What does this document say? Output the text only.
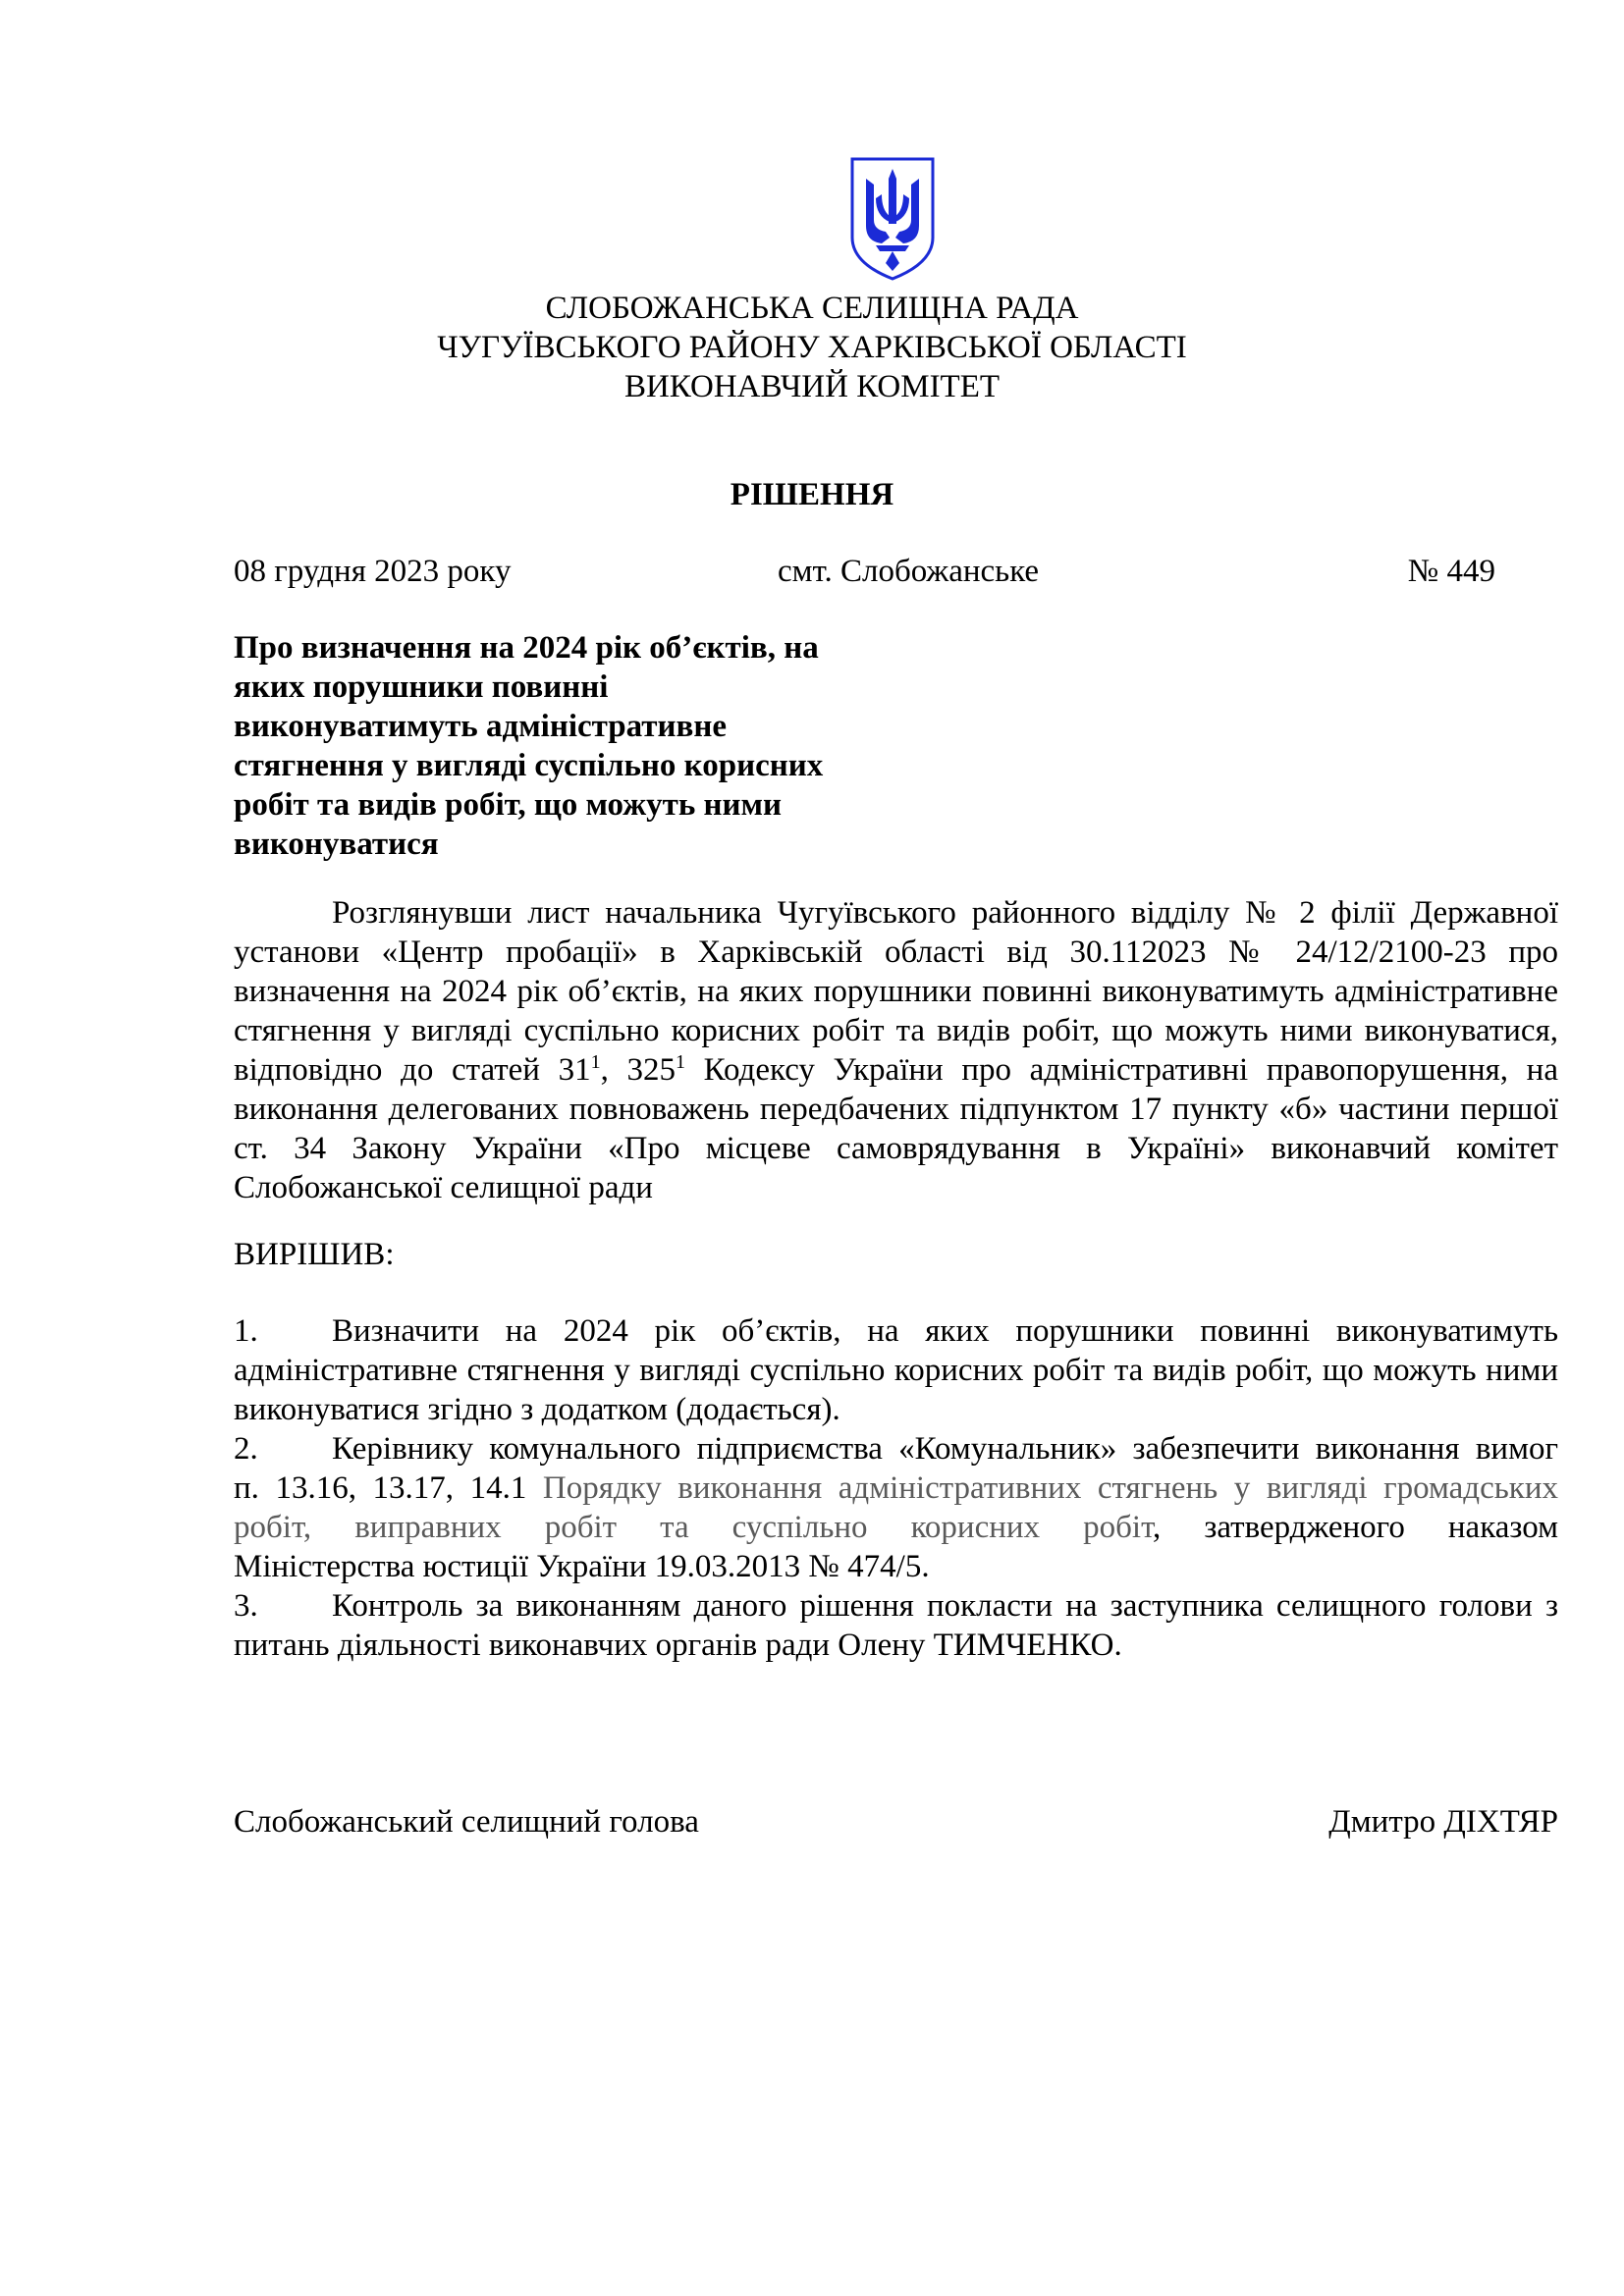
СЛОБОЖАНСЬКА СЕЛИЩНА РАДА
ЧУГУЇВСЬКОГО РАЙОНУ ХАРКІВСЬКОЇ ОБЛАСТІ
ВИКОНАВЧИЙ КОМІТЕТ
РІШЕННЯ
08 грудня 2023 року	смт. Слобожанське	№ 449
Про визначення на 2024 рік об’єктів, на
яких порушники повинні
виконуватимуть адміністративне
стягнення у вигляді суспільно корисних
робіт та видів робіт, що можуть ними
виконуватися
Розглянувши лист начальника Чугуївського районного відділу № 2 філії Державної
установи «Центр пробації» в Харківській області від 30.112023 № 24/12/2100-23 про
визначення на 2024 рік об’єктів, на яких порушники повинні виконуватимуть адміністративне
стягнення у вигляді суспільно корисних робіт та видів робіт, що можуть ними виконуватися,
відповідно до статей $31^1$, $325^1$ Кодексу України про адміністративні правопорушення, на
виконання делегованих повноважень передбачених підпунктом 17 пункту «б» частини першої
ст. 34 Закону України «Про місцеве самоврядування в Україні» виконавчий комітет
Слобожанської селищної ради
ВИРІШИВ:
1. Визначити на 2024 рік об’єктів, на яких порушники повинні виконуватимуть
адміністративне стягнення у вигляді суспільно корисних робіт та видів робіт, що можуть ними
виконуватися згідно з додатком (додається).
2. Керівнику комунального підприємства «Комунальник» забезпечити виконання вимог
п. 13.16, 13.17, 14.1 Порядку виконання адміністративних стягнень у вигляді громадських
робіт, виправних робіт та суспільно корисних робіт, затвердженого наказом
Міністерства юстиції України 19.03.2013 № 474/5.
3. Контроль за виконанням даного рішення покласти на заступника селищного голови з
питань діяльності виконавчих органів ради Олену ТИМЧЕНКО.
Слобожанський селищний голова	Дмитро ДІХТЯР
